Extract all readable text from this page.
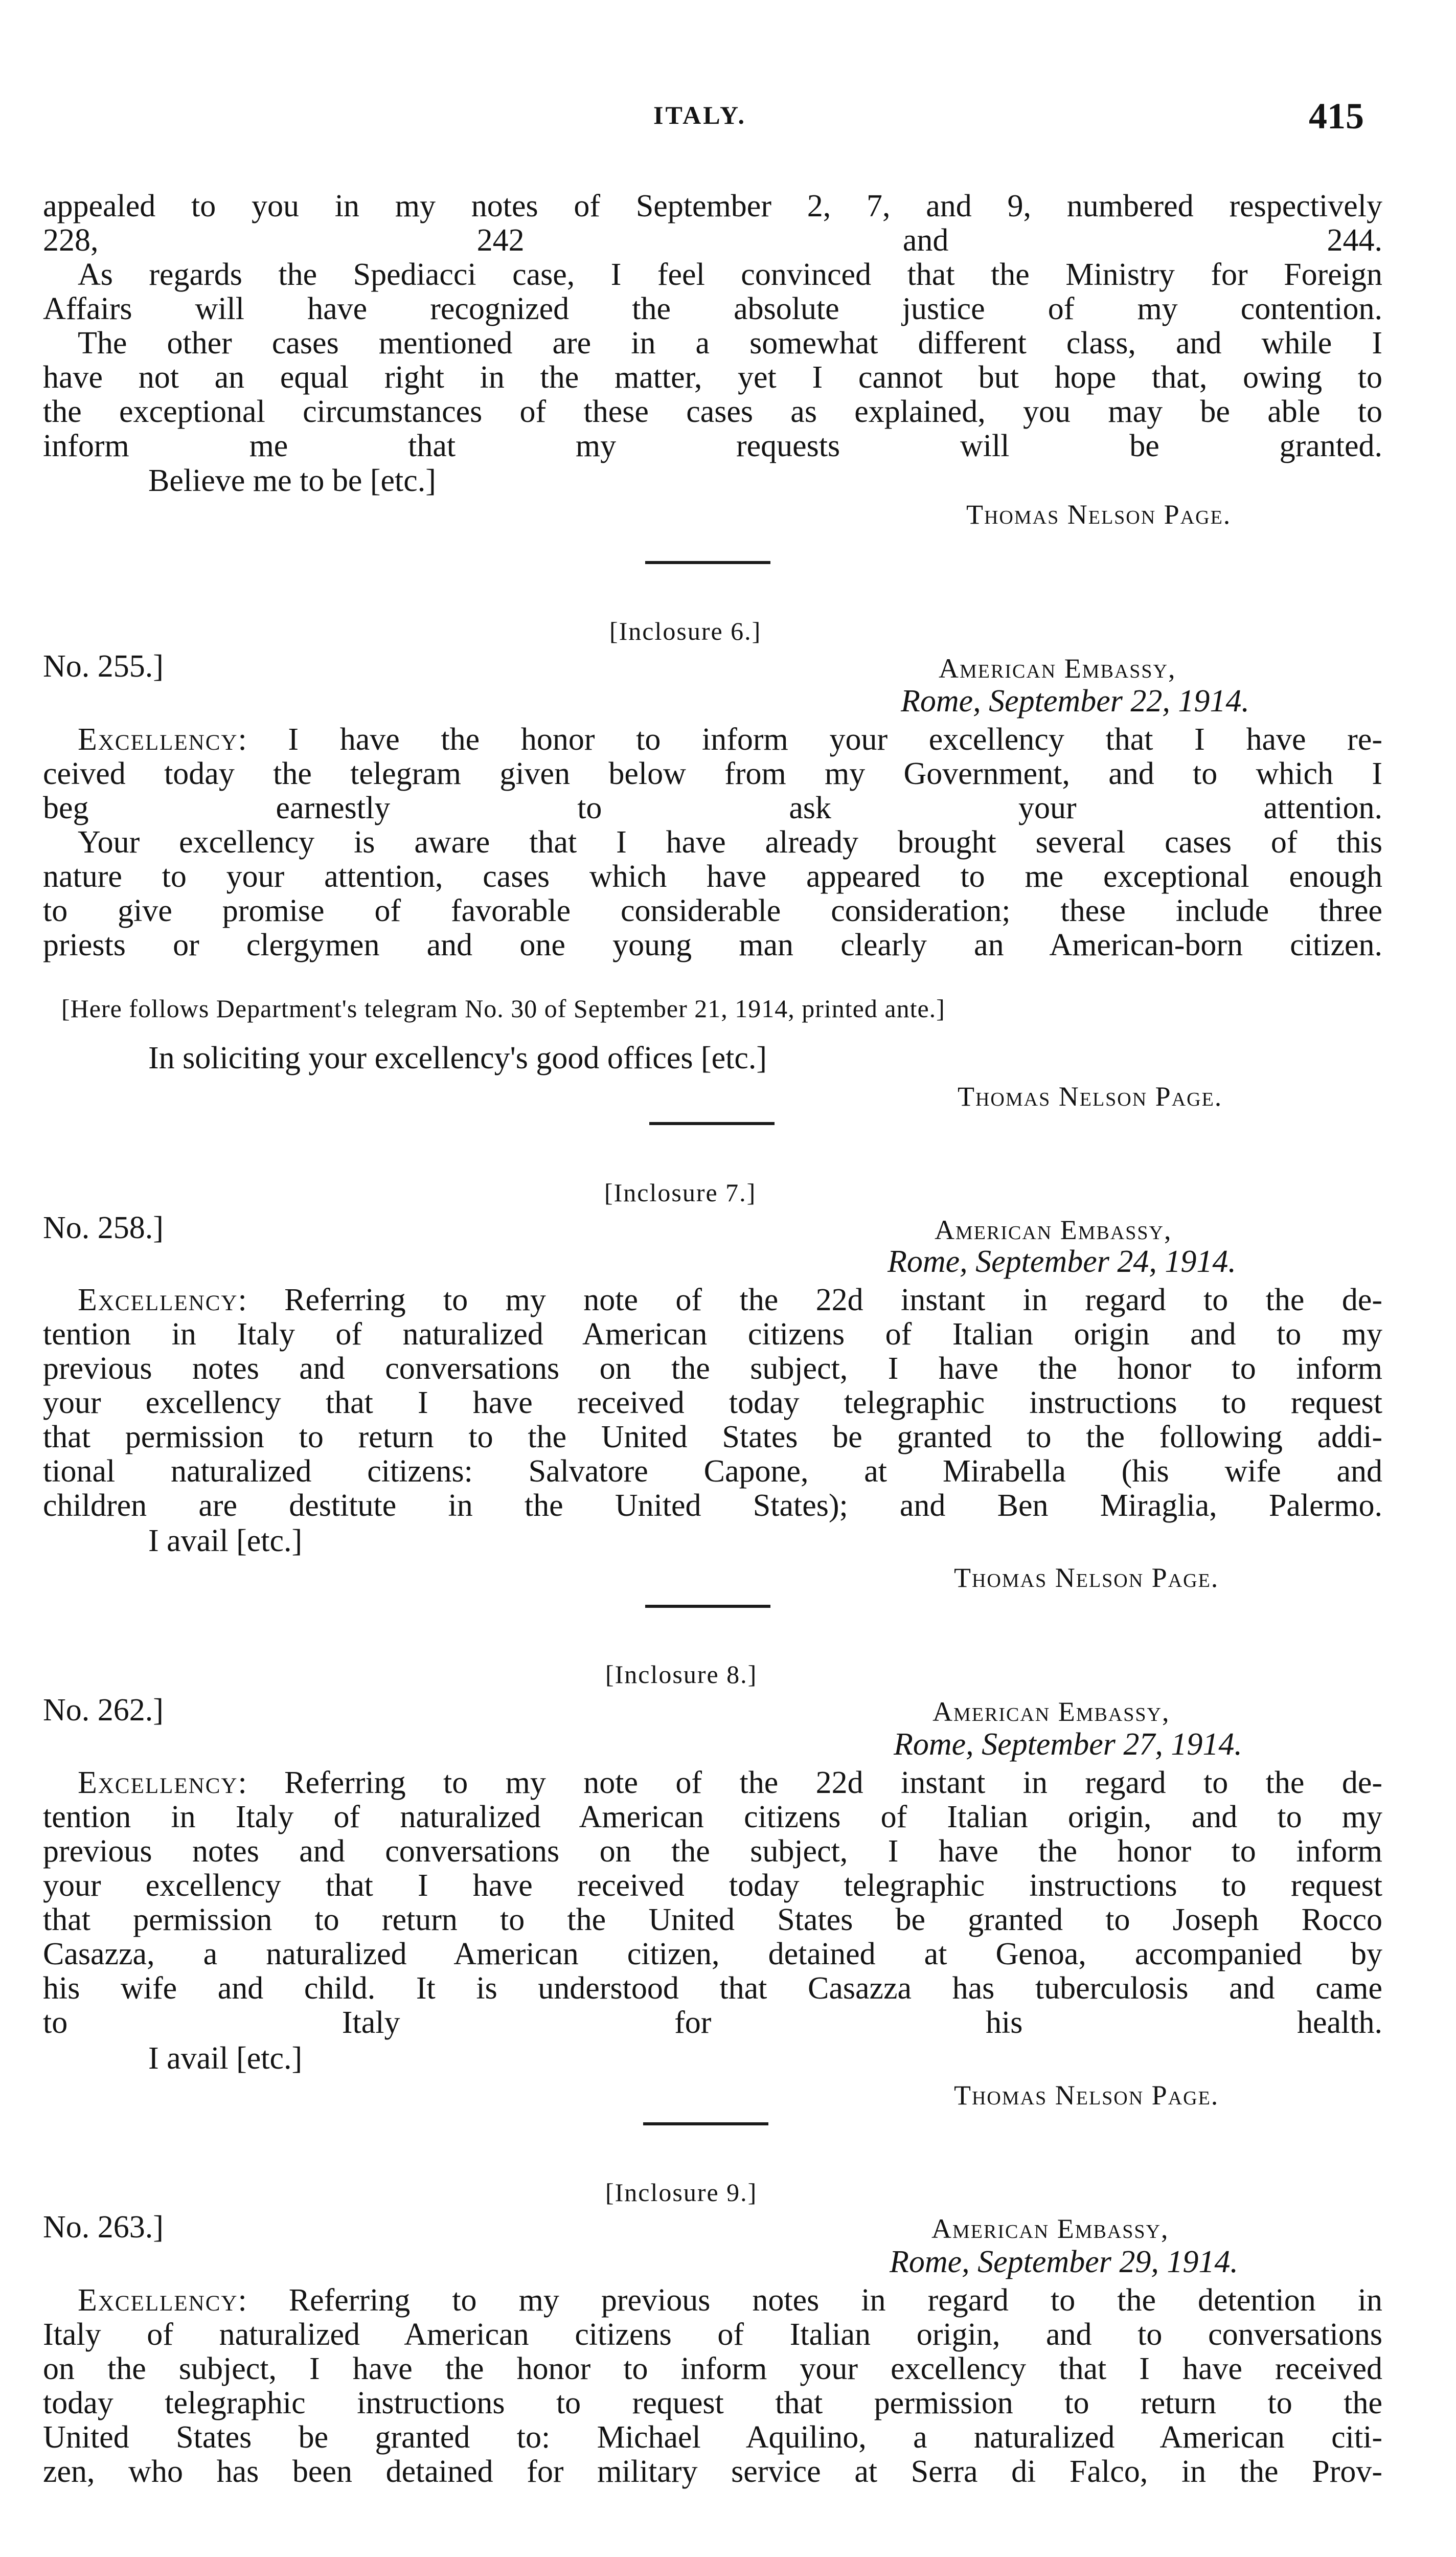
ITALY.	415

appealed to you in my notes of September 2, 7, and 9, numbered respectively
228, 242 and 244.

As regards the Spediacci case, I feel convinced that the Ministry for Foreign
Affairs will have recognized the absolute justice of my contention.

The other cases mentioned are in a somewhat different class, and while I
have not an equal right in the matter, yet I cannot but hope that, owing to
the exceptional circumstances of these cases as explained, you may be able to
inform me that my requests will be granted.

Believe me to be [etc.]
Thomas Nelson Page.
[Inclosure 6.]
No. 255.]	American Embassy,
Rome, September 22, 1914.

Excellency: I have the honor to inform your excellency that I have re-
ceived today the telegram given below from my Government, and to which I
beg earnestly to ask your attention.

Your excellency is aware that I have already brought several cases of this
nature to your attention, cases which have appeared to me exceptional enough
to give promise of favorable considerable consideration; these include three
priests or clergymen and one young man clearly an American-born citizen.

[Here follows Department's telegram No. 30 of September 21, 1914, printed ante.]
In soliciting your excellency's good offices [etc.]
Thomas Nelson Page.
[Inclosure 7.]
No. 258.]	American Embassy,
Rome, September 24, 1914.

Excellency: Referring to my note of the 22d instant in regard to the de-
tention in Italy of naturalized American citizens of Italian origin and to my
previous notes and conversations on the subject, I have the honor to inform
your excellency that I have received today telegraphic instructions to request
that permission to return to the United States be granted to the following addi-
tional naturalized citizens: Salvatore Capone, at Mirabella (his wife and
children are destitute in the United States); and Ben Miraglia, Palermo.

I avail [etc.]
Thomas Nelson Page.
[Inclosure 8.]
No. 262.]	American Embassy,
Rome, September 27, 1914.

Excellency: Referring to my note of the 22d instant in regard to the de-
tention in Italy of naturalized American citizens of Italian origin, and to my
previous notes and conversations on the subject, I have the honor to inform
your excellency that I have received today telegraphic instructions to request
that permission to return to the United States be granted to Joseph Rocco
Casazza, a naturalized American citizen, detained at Genoa, accompanied by
his wife and child. It is understood that Casazza has tuberculosis and came
to Italy for his health.

I avail [etc.]
Thomas Nelson Page.
[Inclosure 9.]
No. 263.]	American Embassy,
Rome, September 29, 1914.

Excellency: Referring to my previous notes in regard to the detention in
Italy of naturalized American citizens of Italian origin, and to conversations
on the subject, I have the honor to inform your excellency that I have received
today telegraphic instructions to request that permission to return to the
United States be granted to: Michael Aquilino, a naturalized American citi-
zen, who has been detained for military service at Serra di Falco, in the Prov-
